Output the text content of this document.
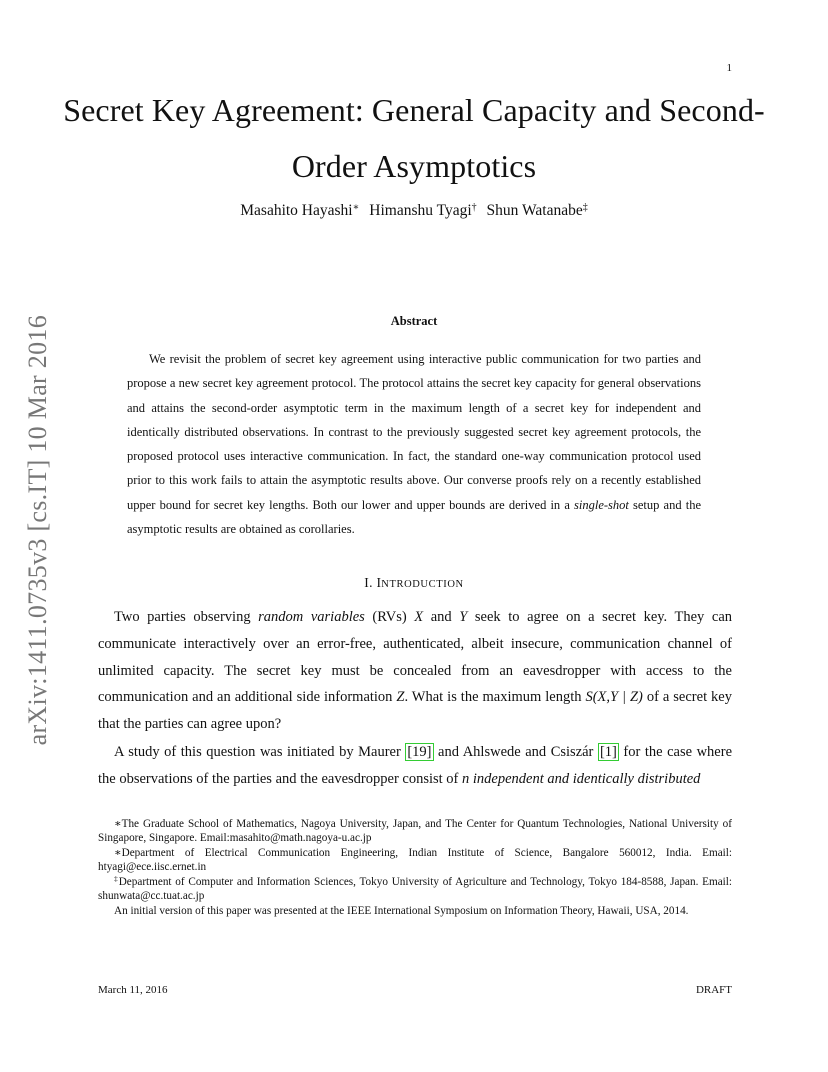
1
Secret Key Agreement: General Capacity and Second-Order Asymptotics
Masahito Hayashi∗ Himanshu Tyagi† Shun Watanabe‡
arXiv:1411.0735v3 [cs.IT] 10 Mar 2016	Abstract

We revisit the problem of secret key agreement using interactive public communication for two parties and propose a new secret key agreement protocol. The protocol attains the secret key capacity for general observations and attains the second-order asymptotic term in the maximum length of a secret key for independent and identically distributed observations. In contrast to the previously suggested secret key agreement protocols, the proposed protocol uses interactive communication. In fact, the standard one-way communication protocol used prior to this work fails to attain the asymptotic results above. Our converse proofs rely on a recently established upper bound for secret key lengths. Both our lower and upper bounds are derived in a single-shot setup and the asymptotic results are obtained as corollaries.

I. INTRODUCTION

Two parties observing random variables (RVs) X and Y seek to agree on a secret key. They can communicate interactively over an error-free, authenticated, albeit insecure, communication channel of unlimited capacity. The secret key must be concealed from an eavesdropper with access to the communication and an additional side information Z. What is the maximum length S(X,Y | Z) of a secret key that the parties can agree upon?

A study of this question was initiated by Maurer [19] and Ahlswede and Csiszár [1] for the case where the observations of the parties and the eavesdropper consist of n independent and identically distributed

∗The Graduate School of Mathematics, Nagoya University, Japan, and The Center for Quantum Technologies, National University of Singapore, Singapore. Email:masahito@math.nagoya-u.ac.jp

∗Department of Electrical Communication Engineering, Indian Institute of Science, Bangalore 560012, India. Email: htyagi@ece.iisc.ernet.in

‡Department of Computer and Information Sciences, Tokyo University of Agriculture and Technology, Tokyo 184-8588, Japan. Email: shunwata@cc.tuat.ac.jp

An initial version of this paper was presented at the IEEE International Symposium on Information Theory, Hawaii, USA, 2014.

March 11, 2016	DRAFT
